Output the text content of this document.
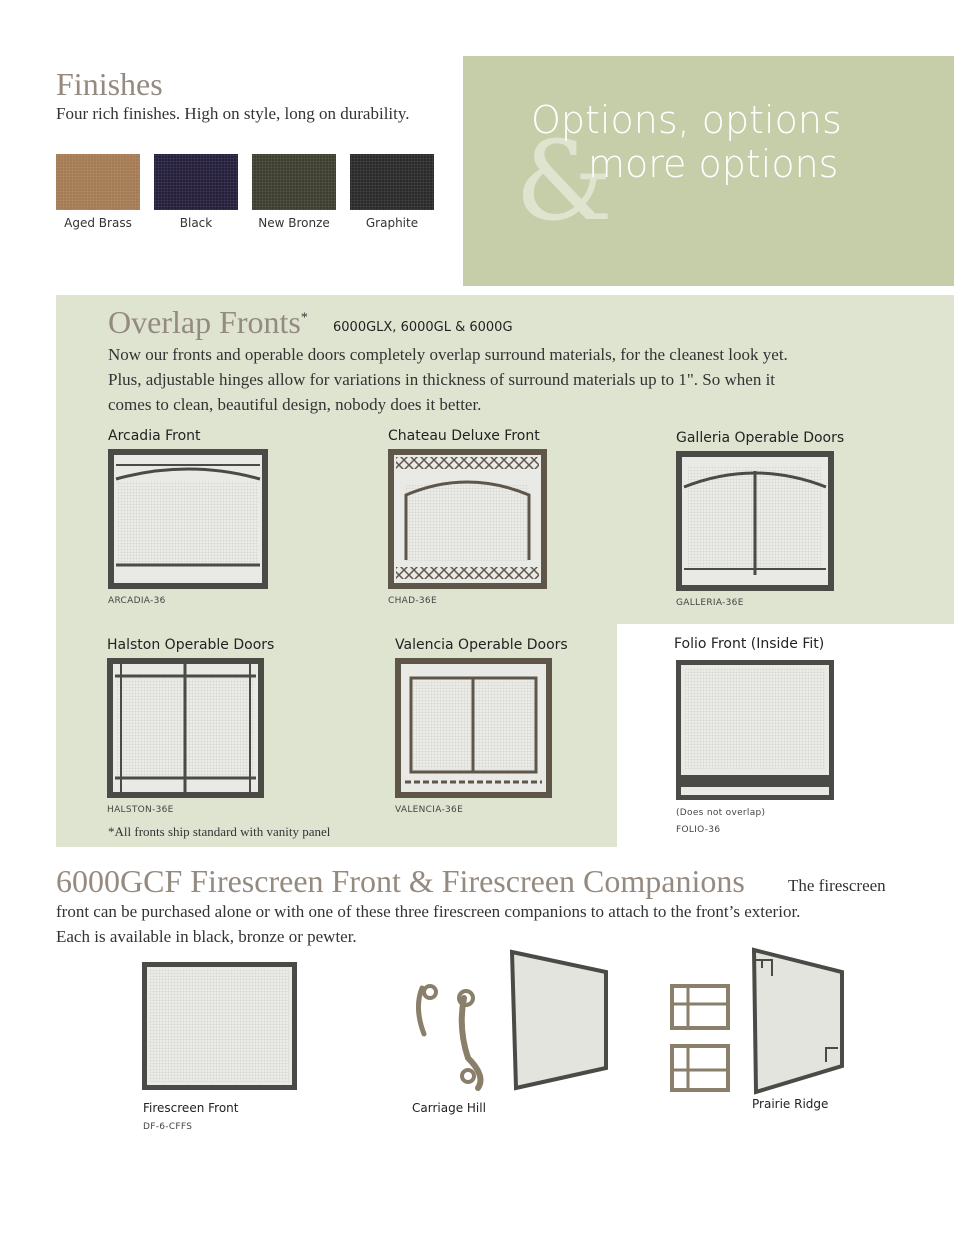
Finishes
Four rich finishes. High on style, long on durability.
Aged Brass	Black	New Bronze	Graphite &
Options, options
more options
Overlap Fronts*
6000GLX, 6000GL & 6000G
Now our fronts and operable doors completely overlap surround materials, for the cleanest look yet.
Plus, adjustable hinges allow for variations in thickness of surround materials up to 1". So when it
comes to clean, beautiful design, nobody does it better.
Arcadia Front
ARCADIA-36
Chateau Deluxe Front
CHAD-36E
Galleria Operable Doors
GALLERIA-36E
Halston Operable Doors
HALSTON-36E
Valencia Operable Doors
VALENCIA-36E
Folio Front (Inside Fit)
(Does not overlap)
FOLIO-36
*All fronts ship standard with vanity panel
6000GCF Firescreen Front & Firescreen Companions	The firescreen
front can be purchased alone or with one of these three firescreen companions to attach to the front’s exterior.
Each is available in black, bronze or pewter.
Firescreen Front
DF-6-CFFS
Carriage Hill	Prairie Ridge
